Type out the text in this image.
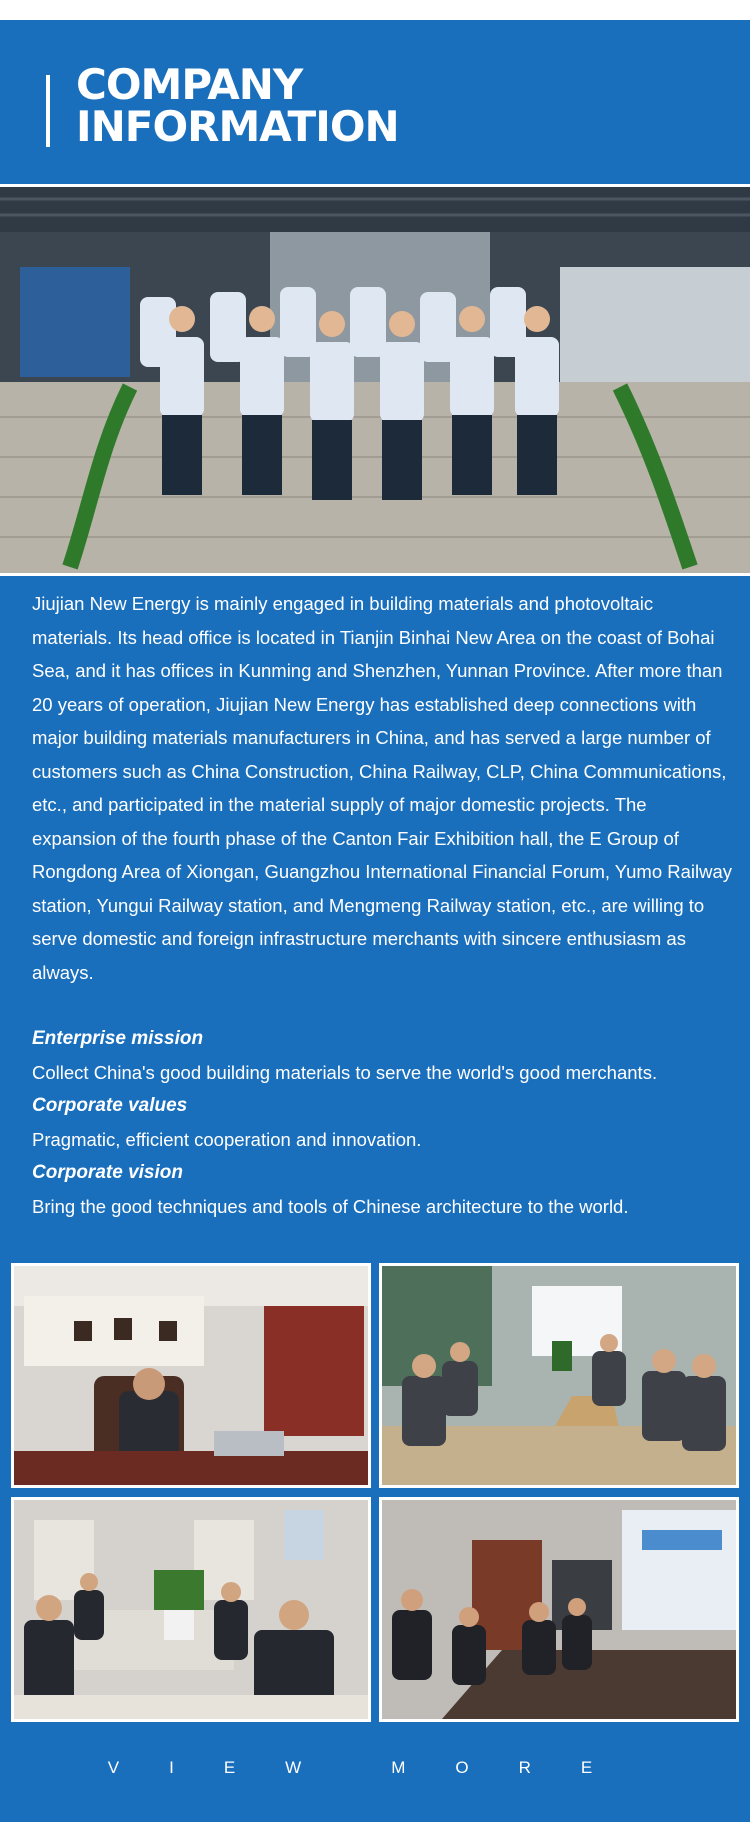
COMPANY
INFORMATION
Jiujian New Energy is mainly engaged in building materials and photovoltaic materials. Its head office is located in Tianjin Binhai New Area on the coast of Bohai Sea, and it has offices in Kunming and Shenzhen, Yunnan Province. After more than 20 years of operation, Jiujian New Energy has established deep connections with major building materials manufacturers in China, and has served a large number of customers such as China Construction, China Railway, CLP, China Communications, etc., and participated in the material supply of major domestic projects. The expansion of the fourth phase of the Canton Fair Exhibition hall, the E Group of Rongdong Area of Xiongan, Guangzhou International Financial Forum, Yumo Railway station, Yungui Railway station, and Mengmeng Railway station, etc., are willing to serve domestic and foreign infrastructure merchants with sincere enthusiasm as always.
Enterprise mission
Collect China's good building materials to serve the world's good merchants.
Corporate values
Pragmatic, efficient cooperation and innovation.
Corporate vision
Bring the good techniques and tools of Chinese architecture to the world.
VIEW MORE
